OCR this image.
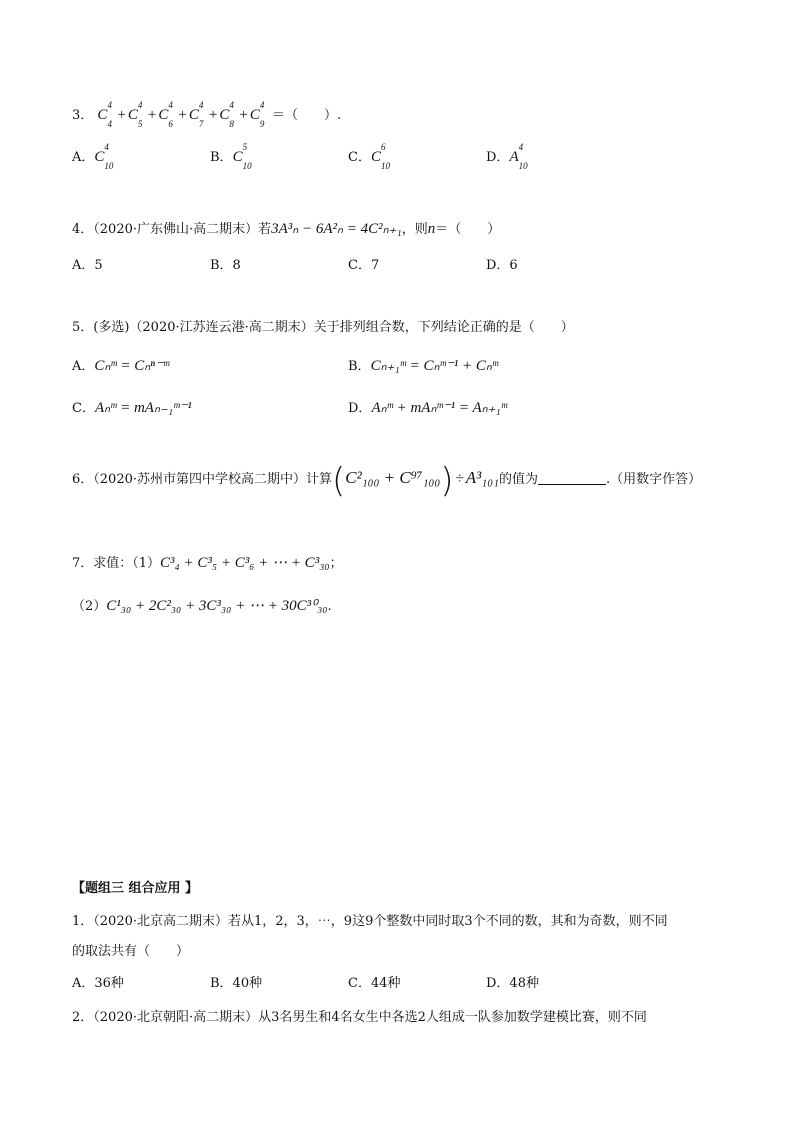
3． C
4
4
+ C
4
5
+ C
4
6
+ C
4
7
+ C
4
8
+ C
4
9
＝（　　）.
A．C
4
10
B．C
5
10
C．C
6
10
D．A
4
10
4．（2020·广东佛山·高二期末）若3A³ₙ − 6A²ₙ = 4C²ₙ₊₁，则n＝（　　）
A．5	B．8	C．7	D．6
5．(多选)（2020·江苏连云港·高二期末）关于排列组合数，下列结论正确的是（　　）
A．Cₙᵐ = Cₙⁿ⁻ᵐ	B．Cₙ₊₁ᵐ = Cₙᵐ⁻¹ + Cₙᵐ
C．Aₙᵐ = mAₙ₋₁ᵐ⁻¹	D．Aₙᵐ + mAₙᵐ⁻¹ = Aₙ₊₁ᵐ
6．（2020·苏州市第四中学校高二期中）计算(C²₁₀₀ + C⁹⁷₁₀₀) ÷ A³₁₀₁的值为	.（用数字作答）
7．求值：（1）C³₄ + C³₅ + C³₆ + ⋯ + C³₃₀；
（2）C¹₃₀ + 2C²₃₀ + 3C³₃₀ + ⋯ + 30C³⁰₃₀.
【题组三 组合应用 】
1．（2020·北京高二期末）若从1，2，3，⋯，9这9个整数中同时取3个不同的数，其和为奇数，则不同
的取法共有（　　）
A．36种	B．40种	C．44种	D．48种
2．（2020·北京朝阳·高二期末）从3名男生和4名女生中各选2人组成一队参加数学建模比赛，则不同
